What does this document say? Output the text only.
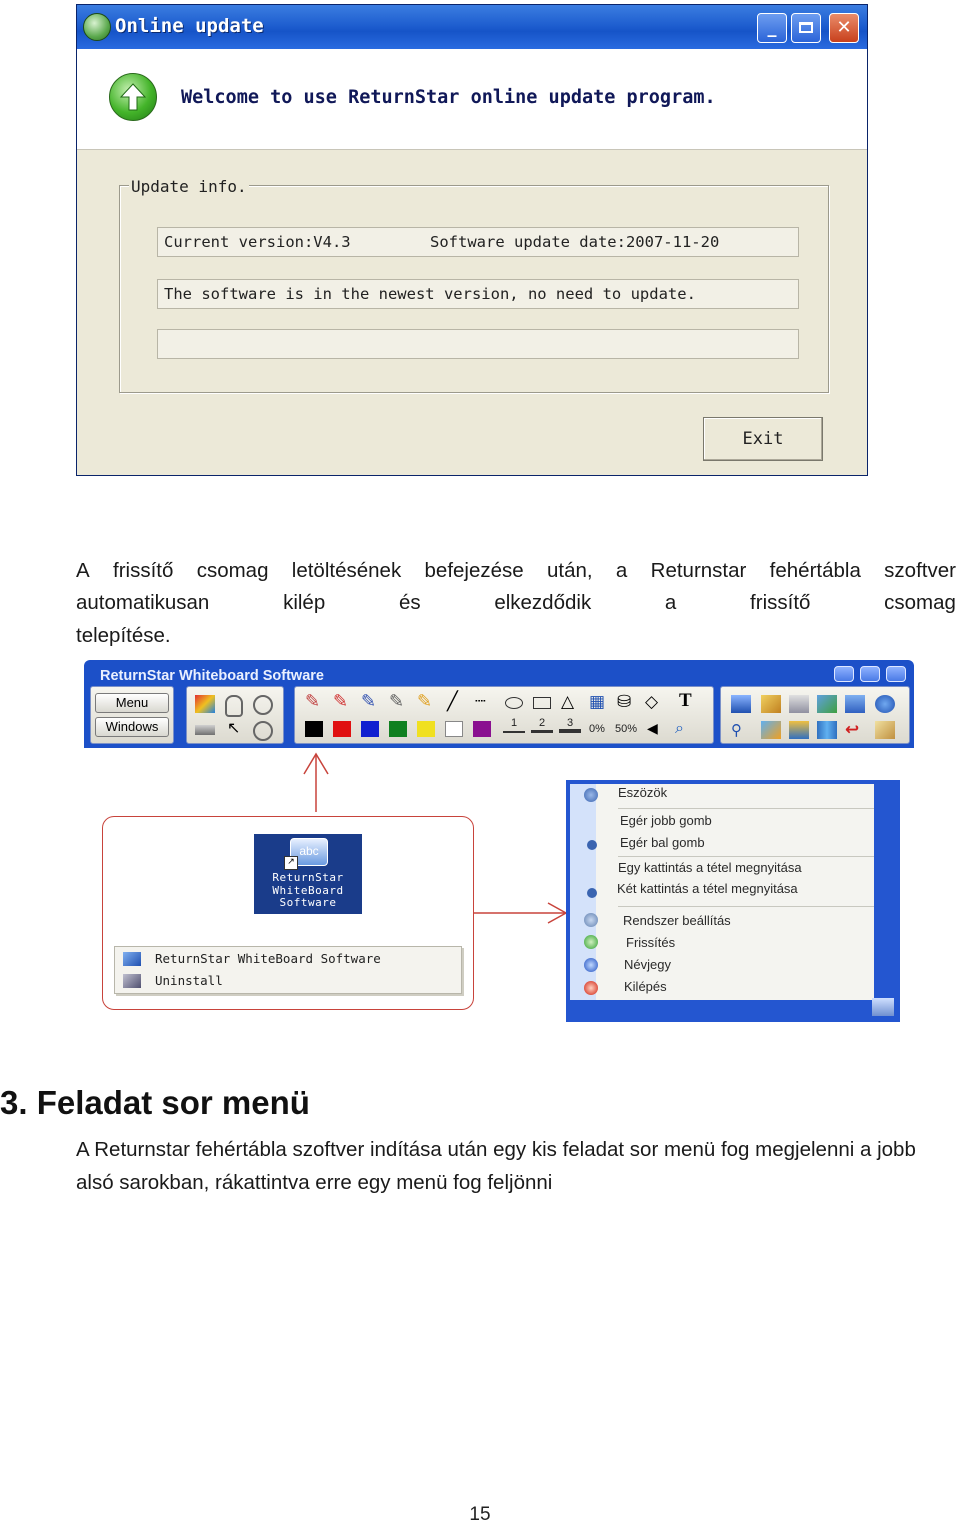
Online update	_	✕
Welcome to use ReturnStar online update program.
Update info.
Current version:V4.3	Software update date:2007-11-20
The software is in the newest version, no need to update.
Exit
A frissítő csomag letöltésének befejezése után, a Returnstar fehértábla szoftver
automatikusan	kilép	és	elkezdődik	a	frissítő	csomag
telepítése.
ReturnStar Whiteboard Software
Menu
Windows	↖
✎ ✎ ✎ ✎ ✎ ╱ ┈	△ ▦ ⛁ ◇	T
1 2 3 0% 50% ◀	⌕	⚲	↩
abc
↗
ReturnStar
WhiteBoard
Software
ReturnStar WhiteBoard Software
Uninstall
Eszözök
Egér jobb gomb
Egér bal gomb
Egy kattintás a tétel megnyitása
Két kattintás a tétel megnyitása
Rendszer beállítás
Frissítés
Névjegy
Kilépés
3. Feladat sor menü
A Returnstar fehértábla szoftver indítása után egy kis feladat sor menü fog megjelenni a jobb
alsó sarokban, rákattintva erre egy menü fog feljönni
15
